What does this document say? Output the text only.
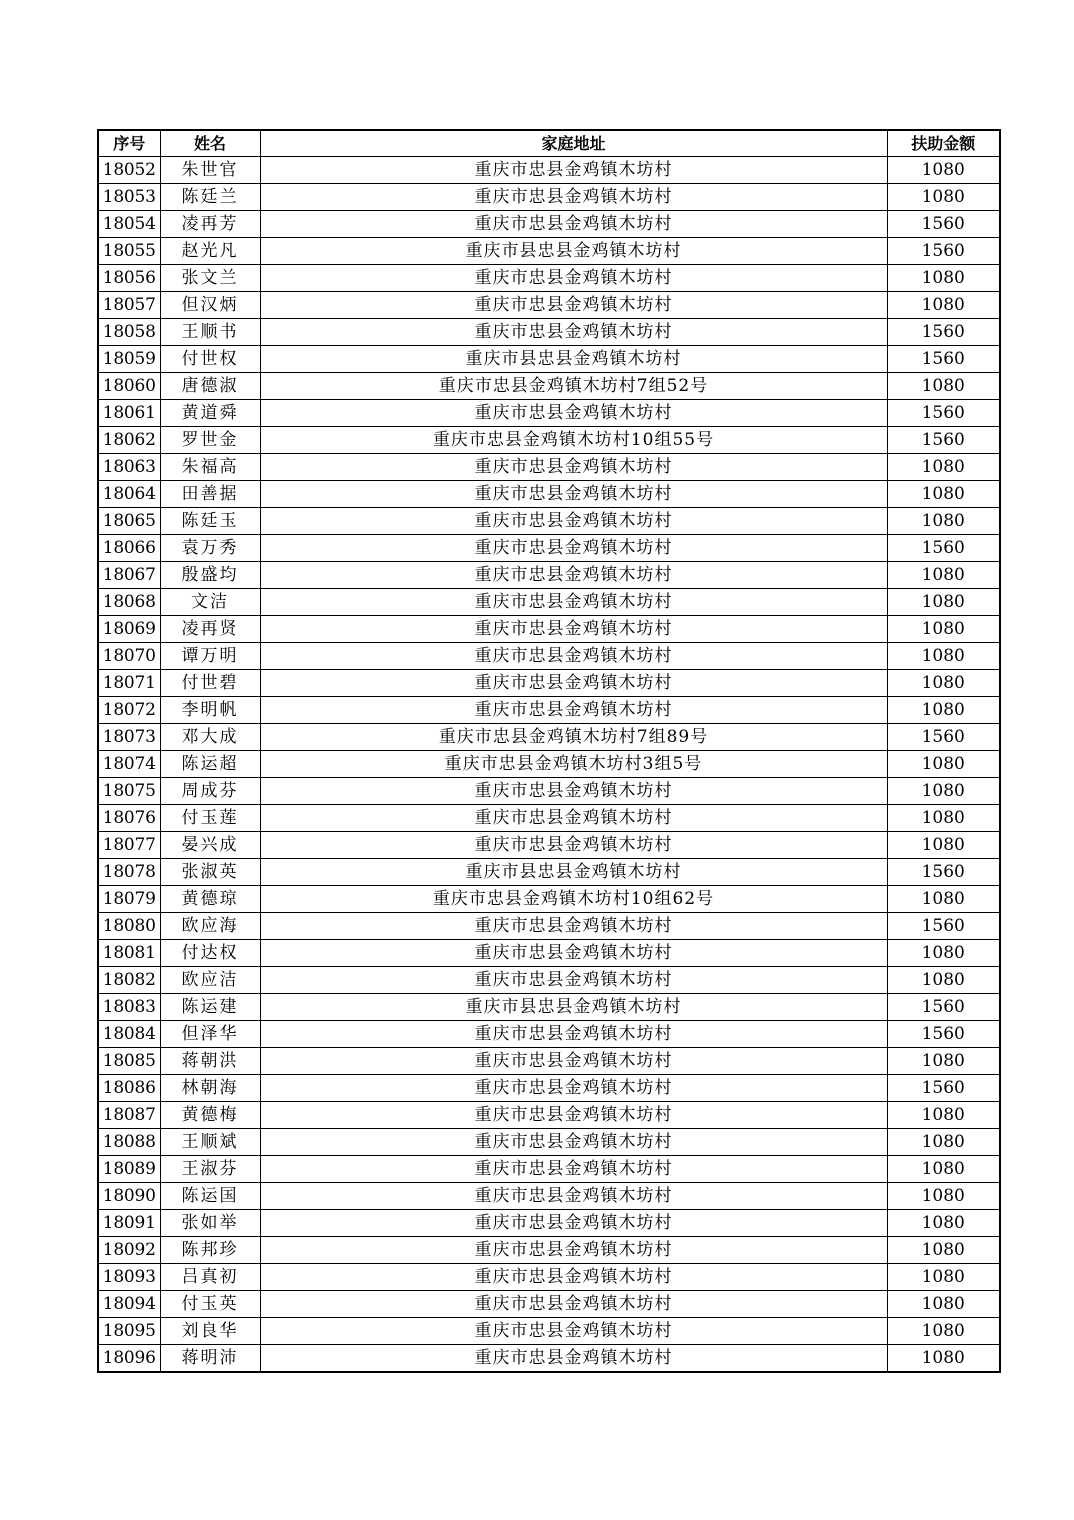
序号	姓名	家庭地址	扶助金额
18052	朱世官	重庆市忠县金鸡镇木坊村	1080
18053	陈廷兰	重庆市忠县金鸡镇木坊村	1080
18054	凌再芳	重庆市忠县金鸡镇木坊村	1560
18055	赵光凡	重庆市县忠县金鸡镇木坊村	1560
18056	张文兰	重庆市忠县金鸡镇木坊村	1080
18057	但汉炳	重庆市忠县金鸡镇木坊村	1080
18058	王顺书	重庆市忠县金鸡镇木坊村	1560
18059	付世权	重庆市县忠县金鸡镇木坊村	1560
18060	唐德淑	重庆市忠县金鸡镇木坊村7组52号	1080
18061	黄道舜	重庆市忠县金鸡镇木坊村	1560
18062	罗世金	重庆市忠县金鸡镇木坊村10组55号	1560
18063	朱福高	重庆市忠县金鸡镇木坊村	1080
18064	田善据	重庆市忠县金鸡镇木坊村	1080
18065	陈廷玉	重庆市忠县金鸡镇木坊村	1080
18066	袁万秀	重庆市忠县金鸡镇木坊村	1560
18067	殷盛均	重庆市忠县金鸡镇木坊村	1080
18068	文洁	重庆市忠县金鸡镇木坊村	1080
18069	凌再贤	重庆市忠县金鸡镇木坊村	1080
18070	谭万明	重庆市忠县金鸡镇木坊村	1080
18071	付世碧	重庆市忠县金鸡镇木坊村	1080
18072	李明帆	重庆市忠县金鸡镇木坊村	1080
18073	邓大成	重庆市忠县金鸡镇木坊村7组89号	1560
18074	陈运超	重庆市忠县金鸡镇木坊村3组5号	1080
18075	周成芬	重庆市忠县金鸡镇木坊村	1080
18076	付玉莲	重庆市忠县金鸡镇木坊村	1080
18077	晏兴成	重庆市忠县金鸡镇木坊村	1080
18078	张淑英	重庆市县忠县金鸡镇木坊村	1560
18079	黄德琼	重庆市忠县金鸡镇木坊村10组62号	1080
18080	欧应海	重庆市忠县金鸡镇木坊村	1560
18081	付达权	重庆市忠县金鸡镇木坊村	1080
18082	欧应洁	重庆市忠县金鸡镇木坊村	1080
18083	陈运建	重庆市县忠县金鸡镇木坊村	1560
18084	但泽华	重庆市忠县金鸡镇木坊村	1560
18085	蒋朝洪	重庆市忠县金鸡镇木坊村	1080
18086	林朝海	重庆市忠县金鸡镇木坊村	1560
18087	黄德梅	重庆市忠县金鸡镇木坊村	1080
18088	王顺斌	重庆市忠县金鸡镇木坊村	1080
18089	王淑芬	重庆市忠县金鸡镇木坊村	1080
18090	陈运国	重庆市忠县金鸡镇木坊村	1080
18091	张如举	重庆市忠县金鸡镇木坊村	1080
18092	陈邦珍	重庆市忠县金鸡镇木坊村	1080
18093	吕真初	重庆市忠县金鸡镇木坊村	1080
18094	付玉英	重庆市忠县金鸡镇木坊村	1080
18095	刘良华	重庆市忠县金鸡镇木坊村	1080
18096	蒋明沛	重庆市忠县金鸡镇木坊村	1080
